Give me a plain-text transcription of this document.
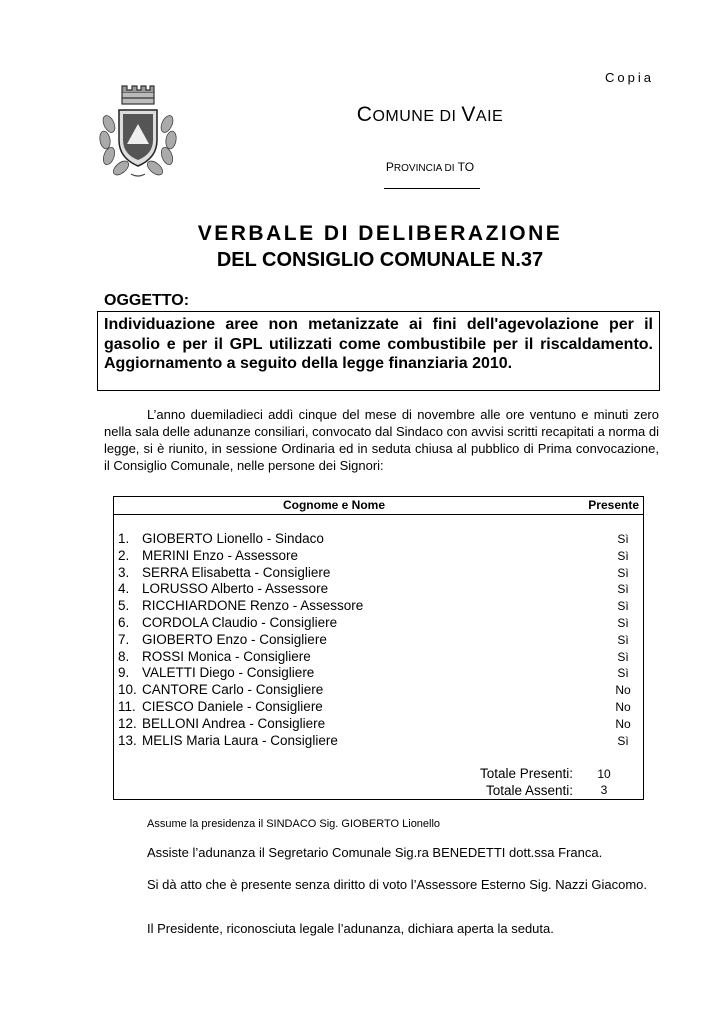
Copia
COMUNE DI VAIE
PROVINCIA DI TO
VERBALE DI DELIBERAZIONE
DEL CONSIGLIO COMUNALE N.37
OGGETTO:
Individuazione aree non metanizzate ai fini dell'agevolazione per il gasolio e per il GPL utilizzati come combustibile per il riscaldamento. Aggiornamento a seguito della legge finanziaria 2010.
L’anno duemiladieci addì cinque del mese di novembre alle ore ventuno e minuti zero nella sala delle adunanze consiliari, convocato dal Sindaco con avvisi scritti recapitati a norma di legge, si è riunito, in sessione Ordinaria ed in seduta chiusa al pubblico di Prima convocazione, il Consiglio Comunale, nelle persone dei Signori:
Cognome e Nome	Presente
1. GIOBERTO Lionello - Sindaco	Sì
2. MERINI Enzo - Assessore	Sì
3. SERRA Elisabetta - Consigliere	Sì
4. LORUSSO Alberto - Assessore	Sì
5. RICCHIARDONE Renzo - Assessore	Sì
6. CORDOLA Claudio - Consigliere	Sì
7. GIOBERTO Enzo - Consigliere	Sì
8. ROSSI Monica - Consigliere	Sì
9. VALETTI Diego - Consigliere	Sì
10. CANTORE Carlo - Consigliere	No
11. CIESCO Daniele - Consigliere	No
12. BELLONI Andrea - Consigliere	No
13. MELIS Maria Laura - Consigliere	Sì
Totale Presenti:	10
Totale Assenti:	3
Assume la presidenza il SINDACO Sig. GIOBERTO Lionello
Assiste l’adunanza il Segretario Comunale Sig.ra BENEDETTI dott.ssa Franca.
Si dà atto che è presente senza diritto di voto l’Assessore Esterno Sig. Nazzi Giacomo.
Il Presidente, riconosciuta legale l’adunanza, dichiara aperta la seduta.
